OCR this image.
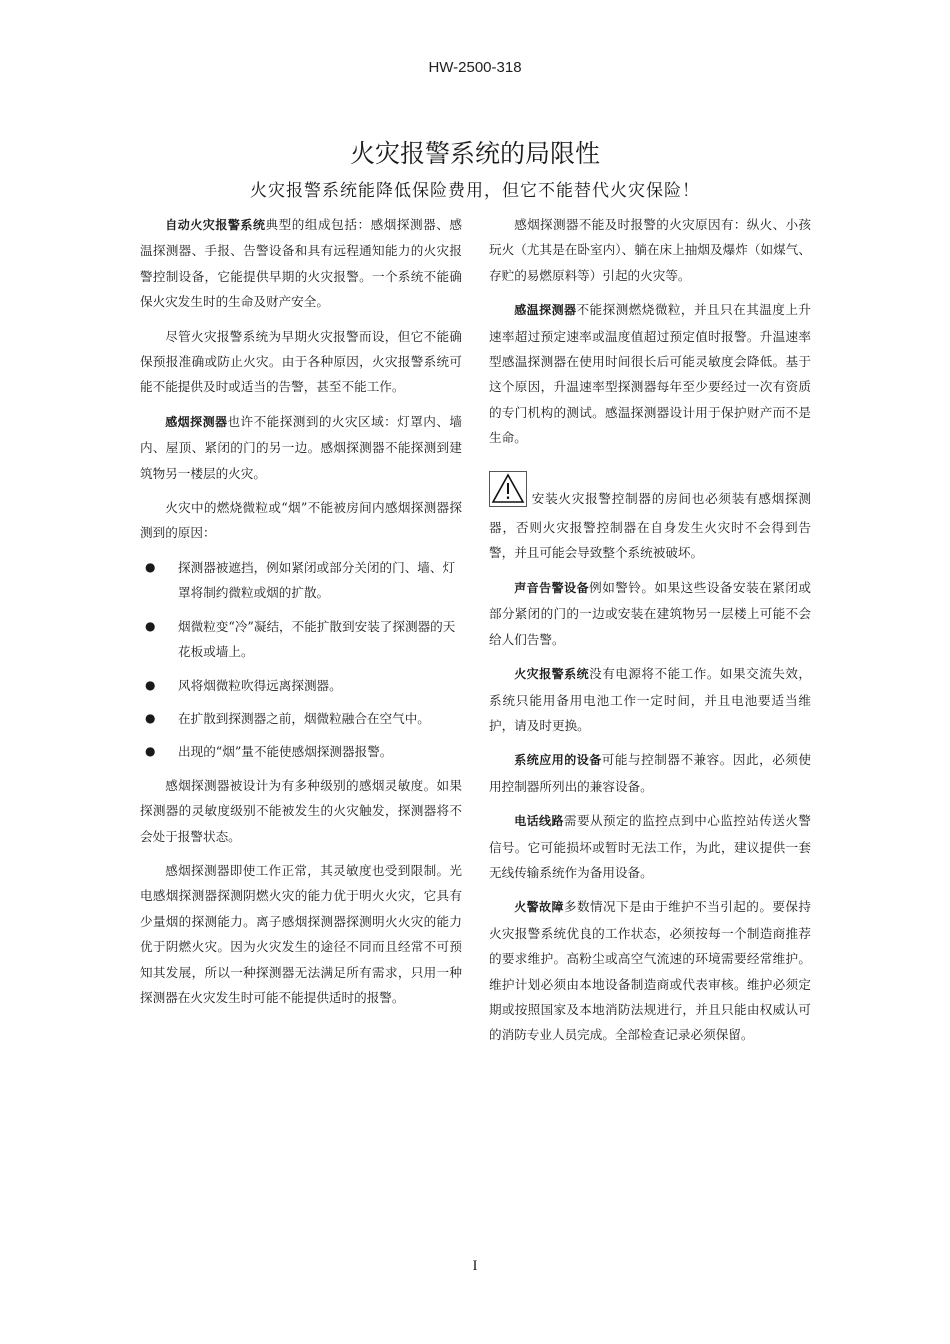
HW-2500-318
火灾报警系统的局限性
火灾报警系统能降低保险费用，但它不能替代火灾保险！

自动火灾报警系统典型的组成包括：感烟探测器、感温探测器、手报、告警设备和具有远程通知能力的火灾报警控制设备，它能提供早期的火灾报警。一个系统不能确保火灾发生时的生命及财产安全。

尽管火灾报警系统为早期火灾报警而设，但它不能确保预报准确或防止火灾。由于各种原因，火灾报警系统可能不能提供及时或适当的告警，甚至不能工作。

感烟探测器也许不能探测到的火灾区域：灯罩内、墙内、屋顶、紧闭的门的另一边。感烟探测器不能探测到建筑物另一楼层的火灾。

火灾中的燃烧微粒或“烟”不能被房间内感烟探测器探测到的原因：

● 探测器被遮挡，例如紧闭或部分关闭的门、墙、灯罩将制约微粒或烟的扩散。
● 烟微粒变“冷”凝结，不能扩散到安装了探测器的天花板或墙上。
● 风将烟微粒吹得远离探测器。
● 在扩散到探测器之前，烟微粒融合在空气中。
● 出现的“烟”量不能使感烟探测器报警。

感烟探测器被设计为有多种级别的感烟灵敏度。如果探测器的灵敏度级别不能被发生的火灾触发，探测器将不会处于报警状态。

感烟探测器即使工作正常，其灵敏度也受到限制。光电感烟探测器探测阴燃火灾的能力优于明火火灾，它具有少量烟的探测能力。离子感烟探测器探测明火火灾的能力优于阴燃火灾。因为火灾发生的途径不同而且经常不可预知其发展，所以一种探测器无法满足所有需求，只用一种探测器在火灾发生时可能不能提供适时的报警。

感烟探测器不能及时报警的火灾原因有：纵火、小孩玩火（尤其是在卧室内）、躺在床上抽烟及爆炸（如煤气、存贮的易燃原料等）引起的火灾等。

感温探测器不能探测燃烧微粒，并且只在其温度上升速率超过预定速率或温度值超过预定值时报警。升温速率型感温探测器在使用时间很长后可能灵敏度会降低。基于这个原因，升温速率型探测器每年至少要经过一次有资质的专门机构的测试。感温探测器设计用于保护财产而不是生命。

安装火灾报警控制器的房间也必须装有感烟探测器，否则火灾报警控制器在自身发生火灾时不会得到告警，并且可能会导致整个系统被破坏。

声音告警设备例如警铃。如果这些设备安装在紧闭或部分紧闭的门的一边或安装在建筑物另一层楼上可能不会给人们告警。

火灾报警系统没有电源将不能工作。如果交流失效，系统只能用备用电池工作一定时间，并且电池要适当维护，请及时更换。

系统应用的设备可能与控制器不兼容。因此，必须使用控制器所列出的兼容设备。

电话线路需要从预定的监控点到中心监控站传送火警信号。它可能损坏或暂时无法工作，为此，建议提供一套无线传输系统作为备用设备。

火警故障多数情况下是由于维护不当引起的。要保持火灾报警系统优良的工作状态，必须按每一个制造商推荐的要求维护。高粉尘或高空气流速的环境需要经常维护。维护计划必须由本地设备制造商或代表审核。维护必须定期或按照国家及本地消防法规进行，并且只能由权威认可的消防专业人员完成。全部检查记录必须保留。

I
